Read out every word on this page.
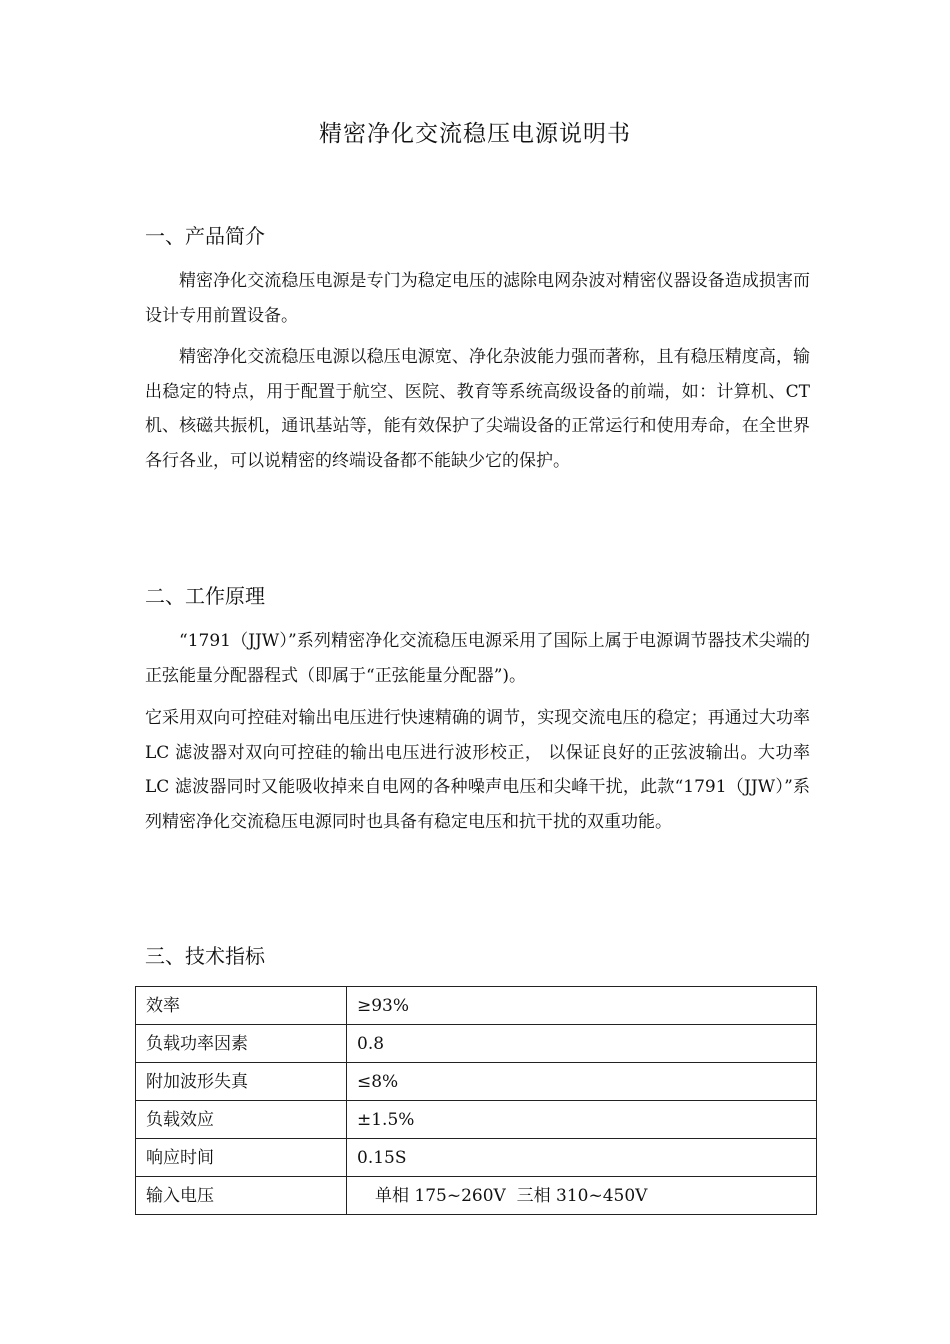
精密净化交流稳压电源说明书
一、产品简介

精密净化交流稳压电源是专门为稳定电压的滤除电网杂波对精密仪器设备造成损害而设计专用前置设备。

精密净化交流稳压电源以稳压电源宽、净化杂波能力强而著称，且有稳压精度高，输出稳定的特点，用于配置于航空、医院、教育等系统高级设备的前端，如：计算机、CT 机、核磁共振机，通讯基站等，能有效保护了尖端设备的正常运行和使用寿命，在全世界各行各业，可以说精密的终端设备都不能缺少它的保护。

二、工作原理

“1791（JJW）”系列精密净化交流稳压电源采用了国际上属于电源调节器技术尖端的正弦能量分配器程式（即属于“正弦能量分配器”)。

它采用双向可控硅对输出电压进行快速精确的调节，实现交流电压的稳定；再通过大功率 LC 滤波器对双向可控硅的输出电压进行波形校正， 以保证良好的正弦波输出。大功率 LC 滤波器同时又能吸收掉来自电网的各种噪声电压和尖峰干扰，此款“1791（JJW）”系列精密净化交流稳压电源同时也具备有稳定电压和抗干扰的双重功能。

三、技术指标
效率	≥93%
负载功率因素	0.8
附加波形失真	≤8%
负载效应	±1.5%
响应时间	0.15S
输入电压	单相 175~260V  三相 310~450V
